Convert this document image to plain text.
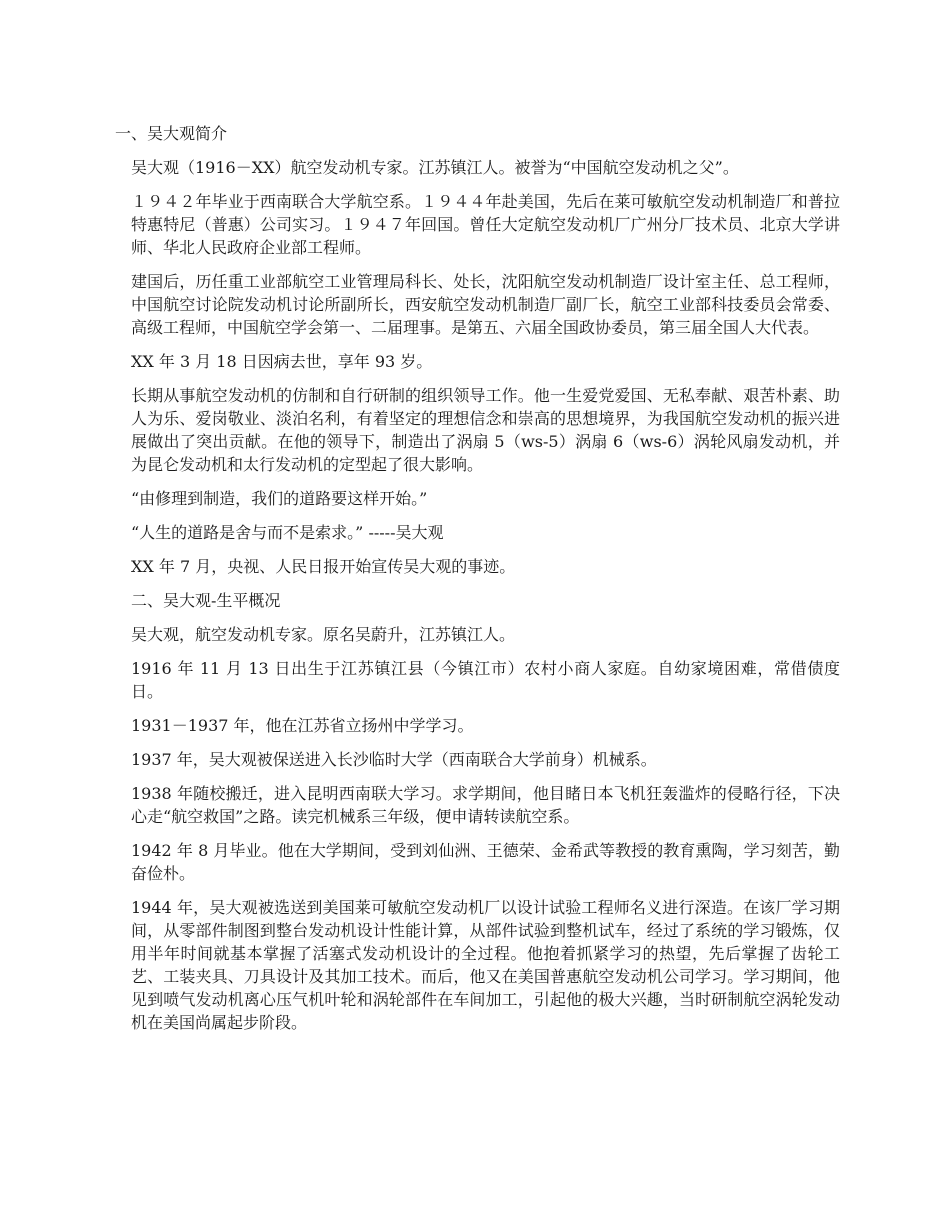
一、吴大观简介

吴大观（1916－XX）航空发动机专家。江苏镇江人。被誉为“中国航空发动机之父”。

１９４２年毕业于西南联合大学航空系。１９４４年赴美国，先后在莱可敏航空发动机制造厂和普拉特惠特尼（普惠）公司实习。１９４７年回国。曾任大定航空发动机厂广州分厂技术员、北京大学讲师、华北人民政府企业部工程师。

建国后，历任重工业部航空工业管理局科长、处长，沈阳航空发动机制造厂设计室主任、总工程师，中国航空讨论院发动机讨论所副所长，西安航空发动机制造厂副厂长，航空工业部科技委员会常委、高级工程师，中国航空学会第一、二届理事。是第五、六届全国政协委员，第三届全国人大代表。

XX 年 3 月 18 日因病去世，享年 93 岁。

长期从事航空发动机的仿制和自行研制的组织领导工作。他一生爱党爱国、无私奉献、艰苦朴素、助人为乐、爱岗敬业、淡泊名利，有着坚定的理想信念和崇高的思想境界，为我国航空发动机的振兴进展做出了突出贡献。在他的领导下，制造出了涡扇 5（ws-5）涡扇 6（ws-6）涡轮风扇发动机，并为昆仑发动机和太行发动机的定型起了很大影响。

“由修理到制造，我们的道路要这样开始。”

“人生的道路是舍与而不是索求。” -----吴大观

XX 年 7 月，央视、人民日报开始宣传吴大观的事迹。

二、吴大观-生平概况

吴大观，航空发动机专家。原名吴蔚升，江苏镇江人。

1916 年 11 月 13 日出生于江苏镇江县（今镇江市）农村小商人家庭。自幼家境困难，常借债度日。

1931－1937 年，他在江苏省立扬州中学学习。

1937 年，吴大观被保送进入长沙临时大学（西南联合大学前身）机械系。

1938 年随校搬迁，进入昆明西南联大学习。求学期间，他目睹日本飞机狂轰滥炸的侵略行径，下决心走“航空救国”之路。读完机械系三年级，便申请转读航空系。

1942 年 8 月毕业。他在大学期间，受到刘仙洲、王德荣、金希武等教授的教育熏陶，学习刻苦，勤奋俭朴。

1944 年，吴大观被选送到美国莱可敏航空发动机厂以设计试验工程师名义进行深造。在该厂学习期间，从零部件制图到整台发动机设计性能计算，从部件试验到整机试车，经过了系统的学习锻炼，仅用半年时间就基本掌握了活塞式发动机设计的全过程。他抱着抓紧学习的热望，先后掌握了齿轮工艺、工装夹具、刀具设计及其加工技术。而后，他又在美国普惠航空发动机公司学习。学习期间，他见到喷气发动机离心压气机叶轮和涡轮部件在车间加工，引起他的极大兴趣，当时研制航空涡轮发动机在美国尚属起步阶段。
